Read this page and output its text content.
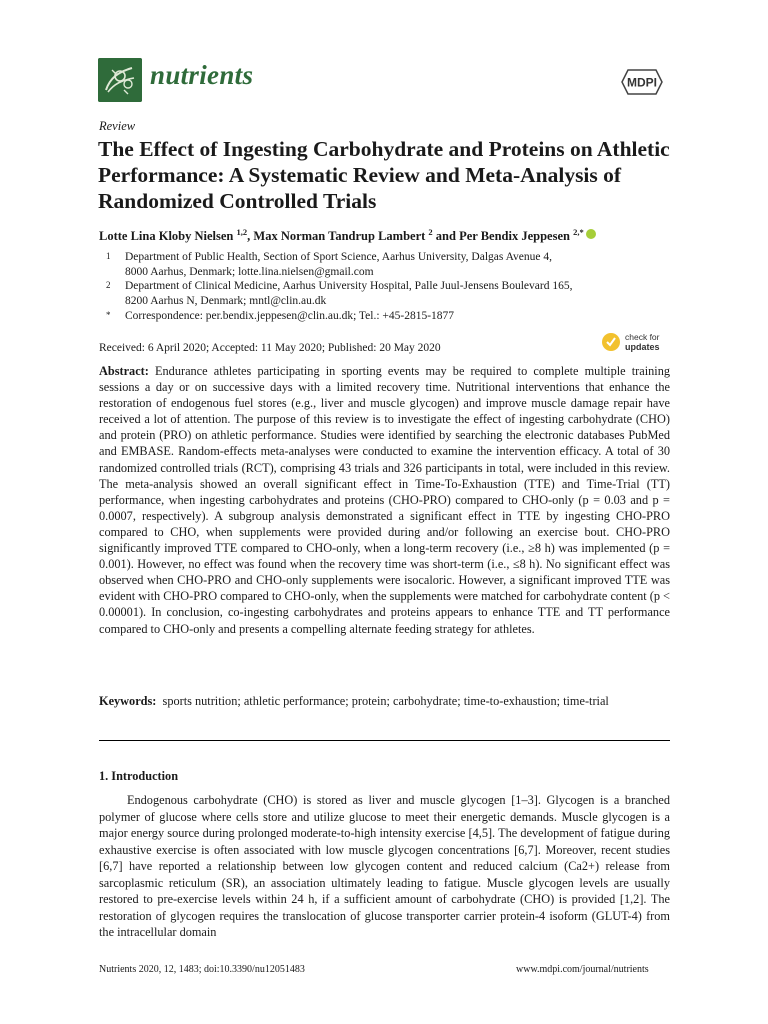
nutrients	MDPI
Review
The Effect of Ingesting Carbohydrate and Proteins on Athletic Performance: A Systematic Review and Meta-Analysis of Randomized Controlled Trials
Lotte Lina Kloby Nielsen $^{1,2}$, Max Norman Tandrup Lambert $^2$ and Per Bendix Jeppesen $^{2,*}$
1	Department of Public Health, Section of Sport Science, Aarhus University, Dalgas Avenue 4,
8000 Aarhus, Denmark; lotte.lina.nielsen@gmail.com
2	Department of Clinical Medicine, Aarhus University Hospital, Palle Juul-Jensens Boulevard 165,
8200 Aarhus N, Denmark; mntl@clin.au.dk
*	Correspondence: per.bendix.jeppesen@clin.au.dk; Tel.: +45-2815-1877
check for
updates
Received: 6 April 2020; Accepted: 11 May 2020; Published: 20 May 2020
Abstract: Endurance athletes participating in sporting events may be required to complete multiple training sessions a day or on successive days with a limited recovery time. Nutritional interventions that enhance the restoration of endogenous fuel stores (e.g., liver and muscle glycogen) and improve muscle damage repair have received a lot of attention. The purpose of this review is to investigate the effect of ingesting carbohydrate (CHO) and protein (PRO) on athletic performance. Studies were identified by searching the electronic databases PubMed and EMBASE. Random-effects meta-analyses were conducted to examine the intervention efficacy. A total of 30 randomized controlled trials (RCT), comprising 43 trials and 326 participants in total, were included in this review. The meta-analysis showed an overall significant effect in Time-To-Exhaustion (TTE) and Time-Trial (TT) performance, when ingesting carbohydrates and proteins (CHO-PRO) compared to CHO-only (p = 0.03 and p = 0.0007, respectively). A subgroup analysis demonstrated a significant effect in TTE by ingesting CHO-PRO compared to CHO, when supplements were provided during and/or following an exercise bout. CHO-PRO significantly improved TTE compared to CHO-only, when a long-term recovery (i.e., ≥8 h) was implemented (p = 0.001). However, no effect was found when the recovery time was short-term (i.e., ≤8 h). No significant effect was observed when CHO-PRO and CHO-only supplements were isocaloric. However, a significant improved TTE was evident with CHO-PRO compared to CHO-only, when the supplements were matched for carbohydrate content (p < 0.00001). In conclusion, co-ingesting carbohydrates and proteins appears to enhance TTE and TT performance compared to CHO-only and presents a compelling alternate feeding strategy for athletes.
Keywords: sports nutrition; athletic performance; protein; carbohydrate; time-to-exhaustion; time-trial
1. Introduction
Endogenous carbohydrate (CHO) is stored as liver and muscle glycogen [1–3]. Glycogen is a branched polymer of glucose where cells store and utilize glucose to meet their energetic demands. Muscle glycogen is a major energy source during prolonged moderate-to-high intensity exercise [4,5]. The development of fatigue during exhaustive exercise is often associated with low muscle glycogen concentrations [6,7]. Moreover, recent studies [6,7] have reported a relationship between low glycogen content and reduced calcium (Ca2+) release from sarcoplasmic reticulum (SR), an association ultimately leading to fatigue. Muscle glycogen levels are usually restored to pre-exercise levels within 24 h, if a sufficient amount of carbohydrate (CHO) is provided [1,2]. The restoration of glycogen requires the translocation of glucose transporter carrier protein-4 isoform (GLUT-4) from the intracellular domain
Nutrients 2020, 12, 1483; doi:10.3390/nu12051483	www.mdpi.com/journal/nutrients
